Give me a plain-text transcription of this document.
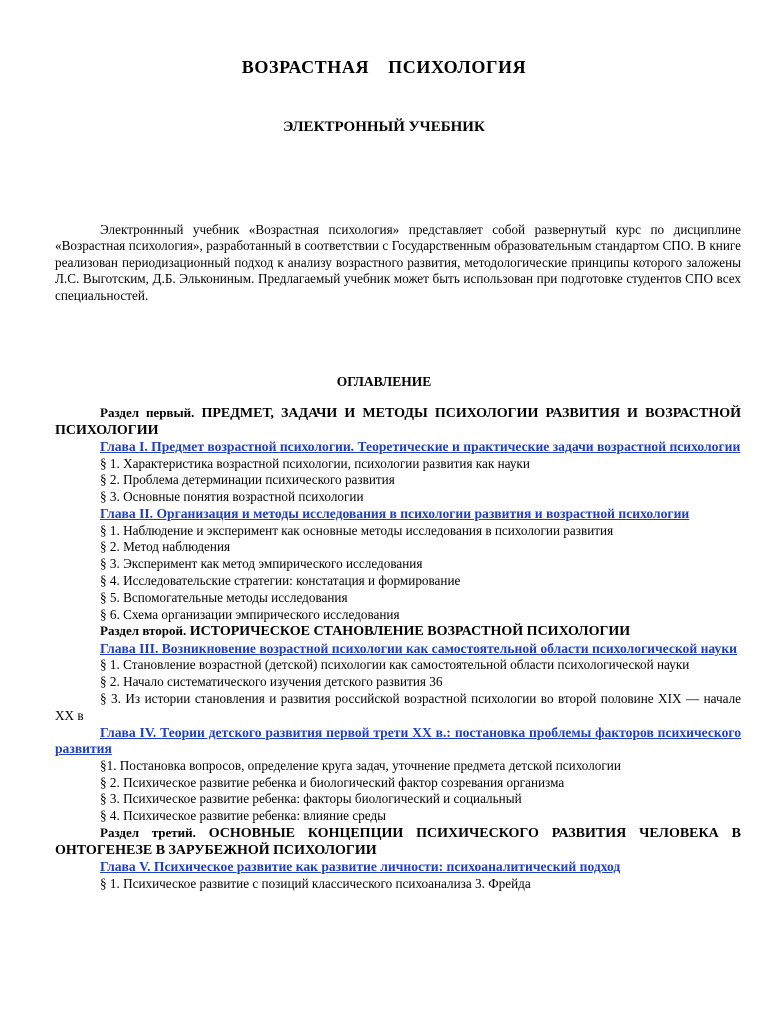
ВОЗРАСТНАЯ ПСИХОЛОГИЯ
ЭЛЕКТРОННЫЙ УЧЕБНИК

Электроннный учебник «Возрастная психология» представляет собой развернутый курс по дисциплине «Возрастная психология», разработанный в соответствии с Государственным образовательным стандартом СПО. В книге реализован периодизационный подход к анализу возрастного развития, методологические принципы которого заложены Л.С. Выготским, Д.Б. Элькониным. Предлагаемый учебник может быть использован при подготовке студентов СПО всех специальностей.

ОГЛАВЛЕНИЕ

Раздел первый. ПРЕДМЕТ, ЗАДАЧИ И МЕТОДЫ ПСИХОЛОГИИ РАЗВИТИЯ И ВОЗРАСТНОЙ ПСИХОЛОГИИ

Глава I. Предмет возрастной психологии. Теоретические и практические задачи возрастной психологии

§ 1. Характеристика возрастной психологии, психологии развития как науки

§ 2. Проблема детерминации психического развития

§ 3. Основные понятия возрастной психологии

Глава II. Организация и методы исследования в психологии развития и возрастной психологии

§ 1. Наблюдение и эксперимент как основные методы исследования в психологии развития

§ 2. Метод наблюдения

§ 3. Эксперимент как метод эмпирического исследования

§ 4. Исследовательские стратегии: констатация и формирование

§ 5. Вспомогательные методы исследования

§ 6. Схема организации эмпирического исследования

Раздел второй. ИСТОРИЧЕСКОЕ СТАНОВЛЕНИЕ ВОЗРАСТНОЙ ПСИХОЛОГИИ

Глава III. Возникновение возрастной психологии как самостоятельной области психологической науки

§ 1. Становление возрастной (детской) психологии как самостоятельной области психологической науки

§ 2. Начало систематического изучения детского развития 36

§ 3. Из истории становления и развития российской возрастной психологии во второй половине XIX — начале XX в

Глава IV. Теории детского развития первой трети XX в.: постановка проблемы факторов психического развития

§1. Постановка вопросов, определение круга задач, уточнение предмета детской психологии

§ 2. Психическое развитие ребенка и биологический фактор созревания организма

§ 3. Психическое развитие ребенка: факторы биологический и социальный

§ 4. Психическое развитие ребенка: влияние среды

Раздел третий. ОСНОВНЫЕ КОНЦЕПЦИИ ПСИХИЧЕСКОГО РАЗВИТИЯ ЧЕЛОВЕКА В ОНТОГЕНЕЗЕ В ЗАРУБЕЖНОЙ ПСИХОЛОГИИ

Глава V. Психическое развитие как развитие личности: психоаналитический подход

§ 1. Психическое развитие с позиций классического психоанализа 3. Фрейда
